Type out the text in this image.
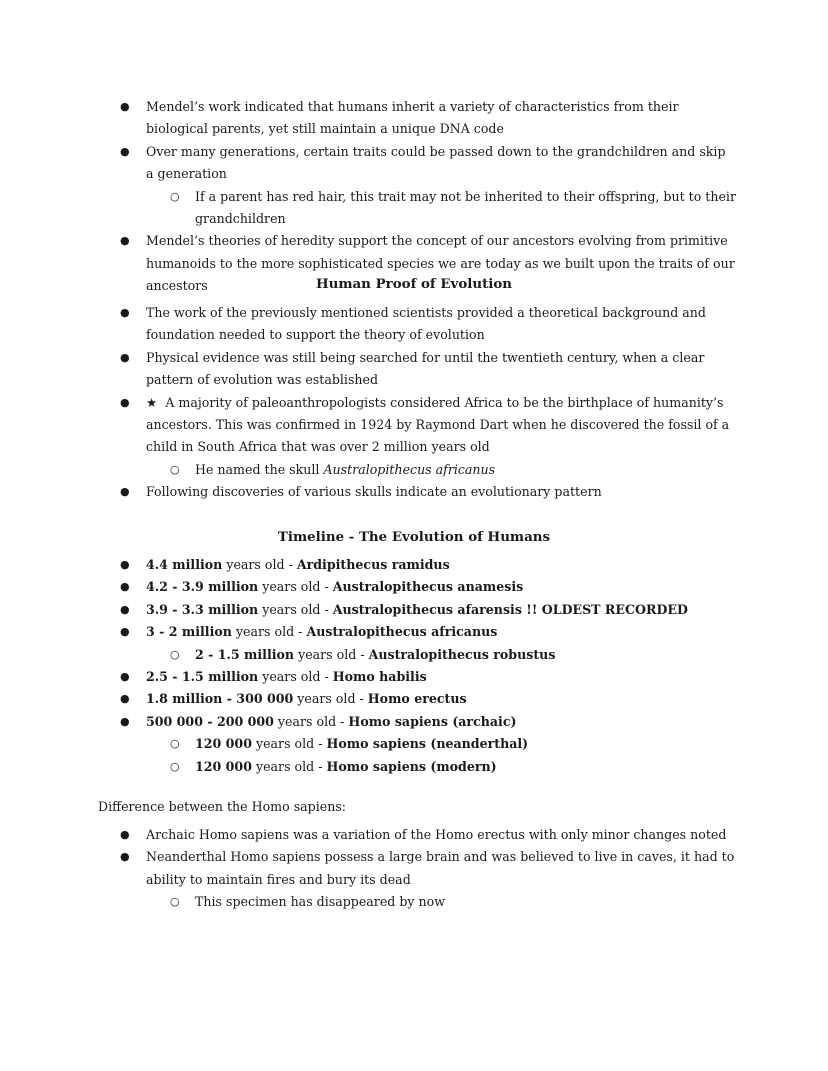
● Mendel’s work indicated that humans inherit a variety of characteristics from their biological parents, yet still maintain a unique DNA code
● Over many generations, certain traits could be passed down to the grandchildren and skip a generation
○ If a parent has red hair, this trait may not be inherited to their offspring, but to their grandchildren
● Mendel’s theories of heredity support the concept of our ancestors evolving from primitive humanoids to the more sophisticated species we are today as we built upon the traits of our ancestors	Human Proof of Evolution
● The work of the previously mentioned scientists provided a theoretical background and foundation needed to support the theory of evolution
● Physical evidence was still being searched for until the twentieth century, when a clear pattern of evolution was established
● ★ A majority of paleoanthropologists considered Africa to be the birthplace of humanity’s ancestors. This was confirmed in 1924 by Raymond Dart when he discovered the fossil of a child in South Africa that was over 2 million years old
○ He named the skull Australopithecus africanus
● Following discoveries of various skulls indicate an evolutionary pattern
Timeline - The Evolution of Humans
● 4.4 million years old - Ardipithecus ramidus
● 4.2 - 3.9 million years old - Australopithecus anamesis
● 3.9 - 3.3 million years old - Australopithecus afarensis !! OLDEST RECORDED
● 3 - 2 million years old - Australopithecus africanus
○ 2 - 1.5 million years old - Australopithecus robustus
● 2.5 - 1.5 million years old - Homo habilis
● 1.8 million - 300 000 years old - Homo erectus
● 500 000 - 200 000 years old - Homo sapiens (archaic)
○ 120 000 years old - Homo sapiens (neanderthal)
○ 120 000 years old - Homo sapiens (modern)
Difference between the Homo sapiens:
● Archaic Homo sapiens was a variation of the Homo erectus with only minor changes noted
● Neanderthal Homo sapiens possess a large brain and was believed to live in caves, it had to ability to maintain fires and bury its dead
○ This specimen has disappeared by now
